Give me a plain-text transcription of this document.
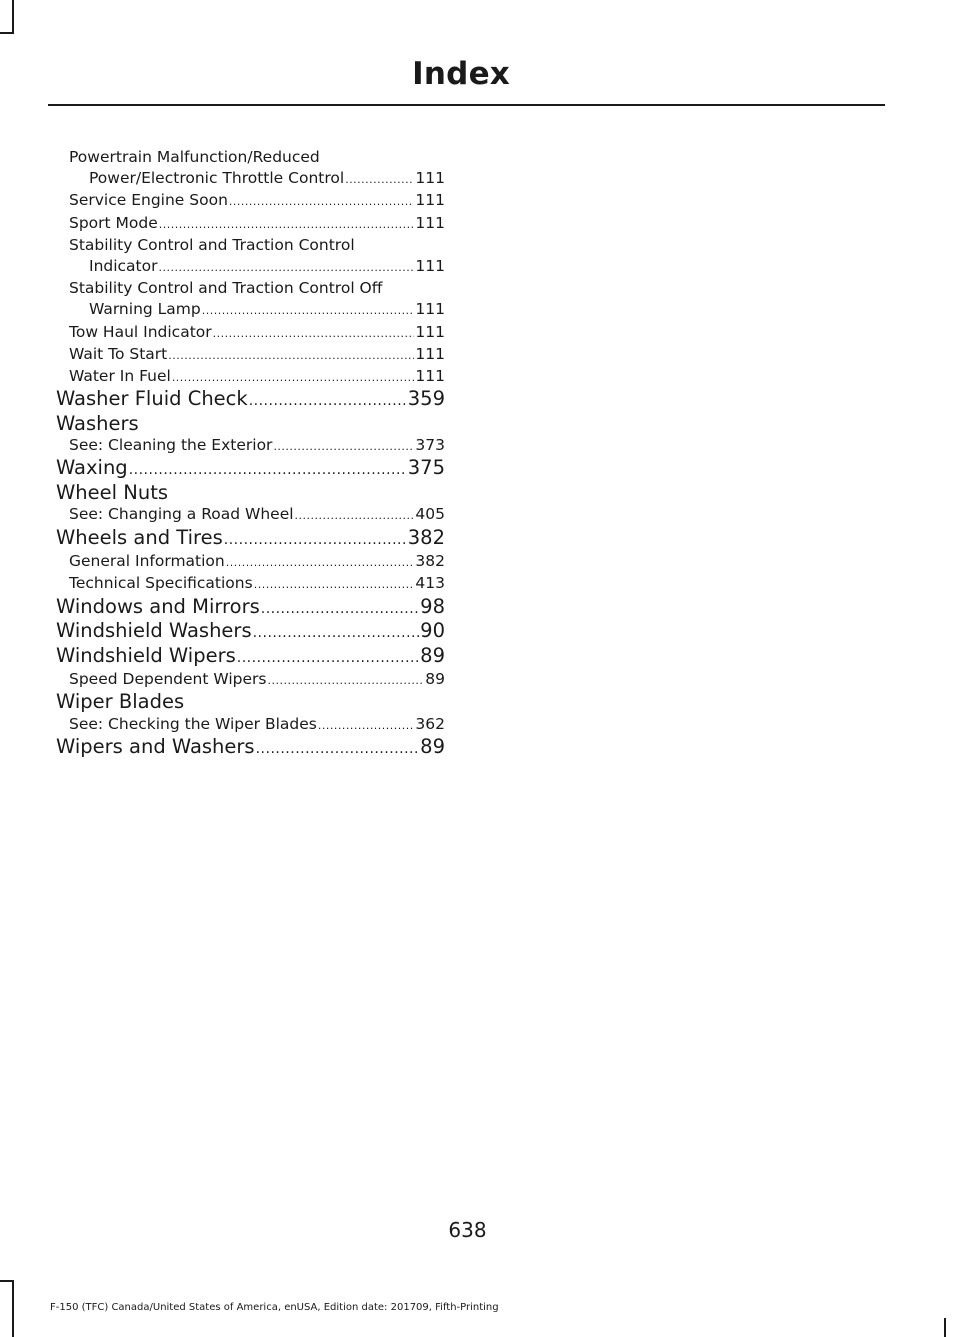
Index
Powertrain Malfunction/Reduced
Power/Electronic Throttle Control .....	111
Service Engine Soon .....	111
Sport Mode .....	111
Stability Control and Traction Control
Indicator .....	111
Stability Control and Traction Control Off
Warning Lamp .....	111
Tow Haul Indicator .....	111
Wait To Start .....	111
Water In Fuel .....	111
Washer Fluid Check .....	359
Washers
See: Cleaning the Exterior .....	373
Waxing .....	375
Wheel Nuts
See: Changing a Road Wheel .....	405
Wheels and Tires .....	382
General Information .....	382
Technical Specifications .....	413
Windows and Mirrors .....	98
Windshield Washers .....	90
Windshield Wipers .....	89
Speed Dependent Wipers .....	89
Wiper Blades
See: Checking the Wiper Blades .....	362
Wipers and Washers .....	89
638
F-150 (TFC) Canada/United States of America, enUSA, Edition date: 201709, Fifth-Printing
